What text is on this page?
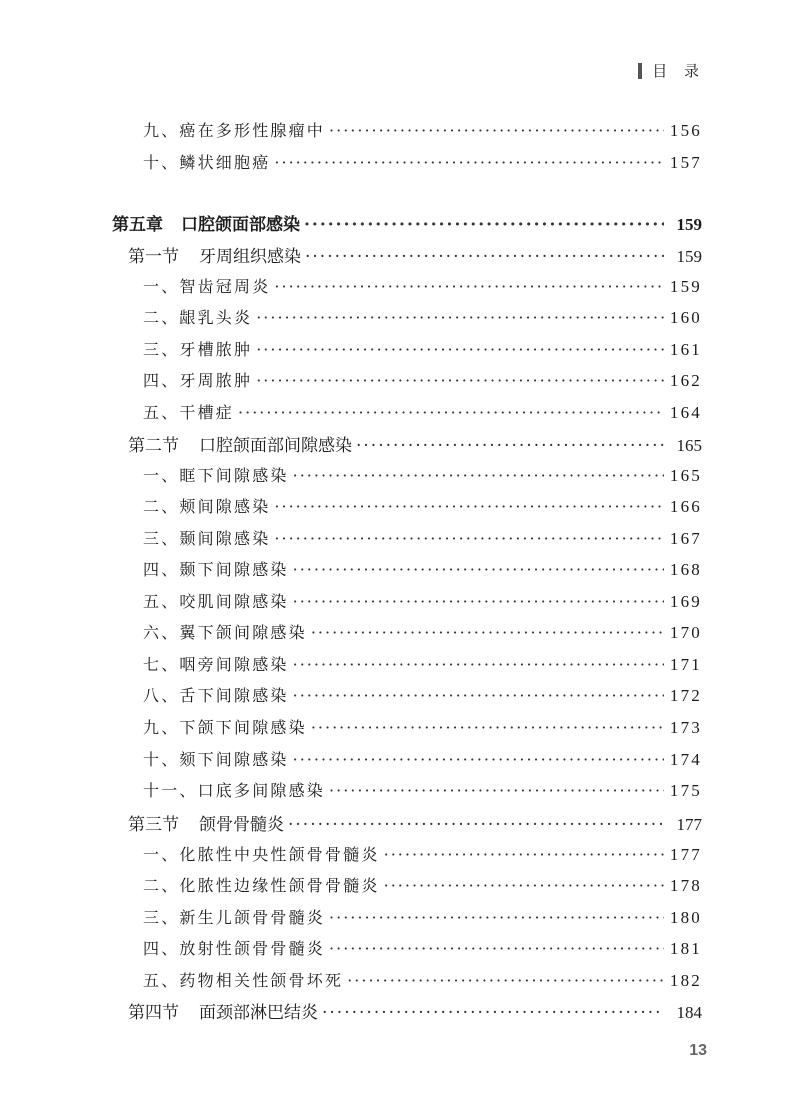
目 录
九、癌在多形性腺瘤中 ·····	156
十、鳞状细胞癌 ·····	157
第五章 口腔颌面部感染 ·····	159
第一节 牙周组织感染 ·····	159
一、智齿冠周炎 ·····	159
二、龈乳头炎 ·····	160
三、牙槽脓肿 ·····	161
四、牙周脓肿 ·····	162
五、干槽症 ·····	164
第二节 口腔颌面部间隙感染 ·····	165
一、眶下间隙感染 ·····	165
二、颊间隙感染 ·····	166
三、颞间隙感染 ·····	167
四、颞下间隙感染 ·····	168
五、咬肌间隙感染 ·····	169
六、翼下颌间隙感染 ·····	170
七、咽旁间隙感染 ·····	171
八、舌下间隙感染 ·····	172
九、下颌下间隙感染 ·····	173
十、颏下间隙感染 ·····	174
十一、口底多间隙感染 ·····	175
第三节 颌骨骨髓炎 ·····	177
一、化脓性中央性颌骨骨髓炎 ·····	177
二、化脓性边缘性颌骨骨髓炎 ·····	178
三、新生儿颌骨骨髓炎 ·····	180
四、放射性颌骨骨髓炎 ·····	181
五、药物相关性颌骨坏死 ·····	182
第四节 面颈部淋巴结炎 ·····	184
13
